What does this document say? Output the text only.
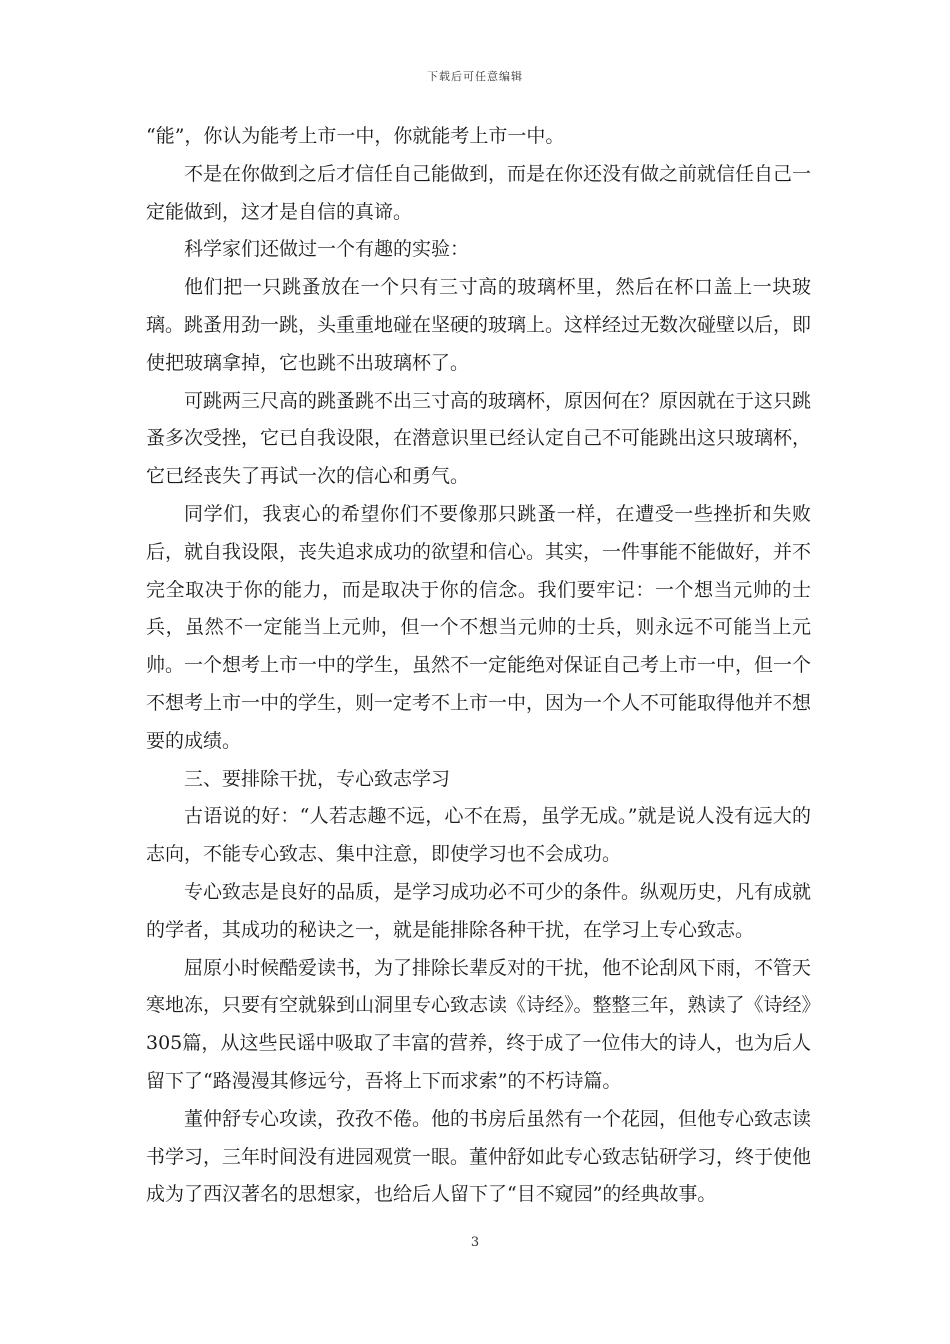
下载后可任意编辑

“能”，你认为能考上市一中，你就能考上市一中。

不是在你做到之后才信任自己能做到，而是在你还没有做之前就信任自己一定能做到，这才是自信的真谛。

科学家们还做过一个有趣的实验：

他们把一只跳蚤放在一个只有三寸高的玻璃杯里，然后在杯口盖上一块玻璃。跳蚤用劲一跳，头重重地碰在坚硬的玻璃上。这样经过无数次碰壁以后，即使把玻璃拿掉，它也跳不出玻璃杯了。

可跳两三尺高的跳蚤跳不出三寸高的玻璃杯，原因何在？原因就在于这只跳蚤多次受挫，它已自我设限，在潜意识里已经认定自己不可能跳出这只玻璃杯，它已经丧失了再试一次的信心和勇气。

同学们，我衷心的希望你们不要像那只跳蚤一样，在遭受一些挫折和失败后，就自我设限，丧失追求成功的欲望和信心。其实，一件事能不能做好，并不完全取决于你的能力，而是取决于你的信念。我们要牢记：一个想当元帅的士兵，虽然不一定能当上元帅，但一个不想当元帅的士兵，则永远不可能当上元帅。一个想考上市一中的学生，虽然不一定能绝对保证自己考上市一中，但一个不想考上市一中的学生，则一定考不上市一中，因为一个人不可能取得他并不想要的成绩。

三、要排除干扰，专心致志学习

古语说的好：“人若志趣不远，心不在焉，虽学无成。”就是说人没有远大的志向，不能专心致志、集中注意，即使学习也不会成功。

专心致志是良好的品质，是学习成功必不可少的条件。纵观历史，凡有成就的学者，其成功的秘诀之一，就是能排除各种干扰，在学习上专心致志。

屈原小时候酷爱读书，为了排除长辈反对的干扰，他不论刮风下雨，不管天寒地冻，只要有空就躲到山洞里专心致志读《诗经》。整整三年，熟读了《诗经》305篇，从这些民谣中吸取了丰富的营养，终于成了一位伟大的诗人，也为后人留下了“路漫漫其修远兮，吾将上下而求索”的不朽诗篇。

董仲舒专心攻读，孜孜不倦。他的书房后虽然有一个花园，但他专心致志读书学习，三年时间没有进园观赏一眼。董仲舒如此专心致志钻研学习，终于使他成为了西汉著名的思想家，也给后人留下了“目不窥园”的经典故事。

3
